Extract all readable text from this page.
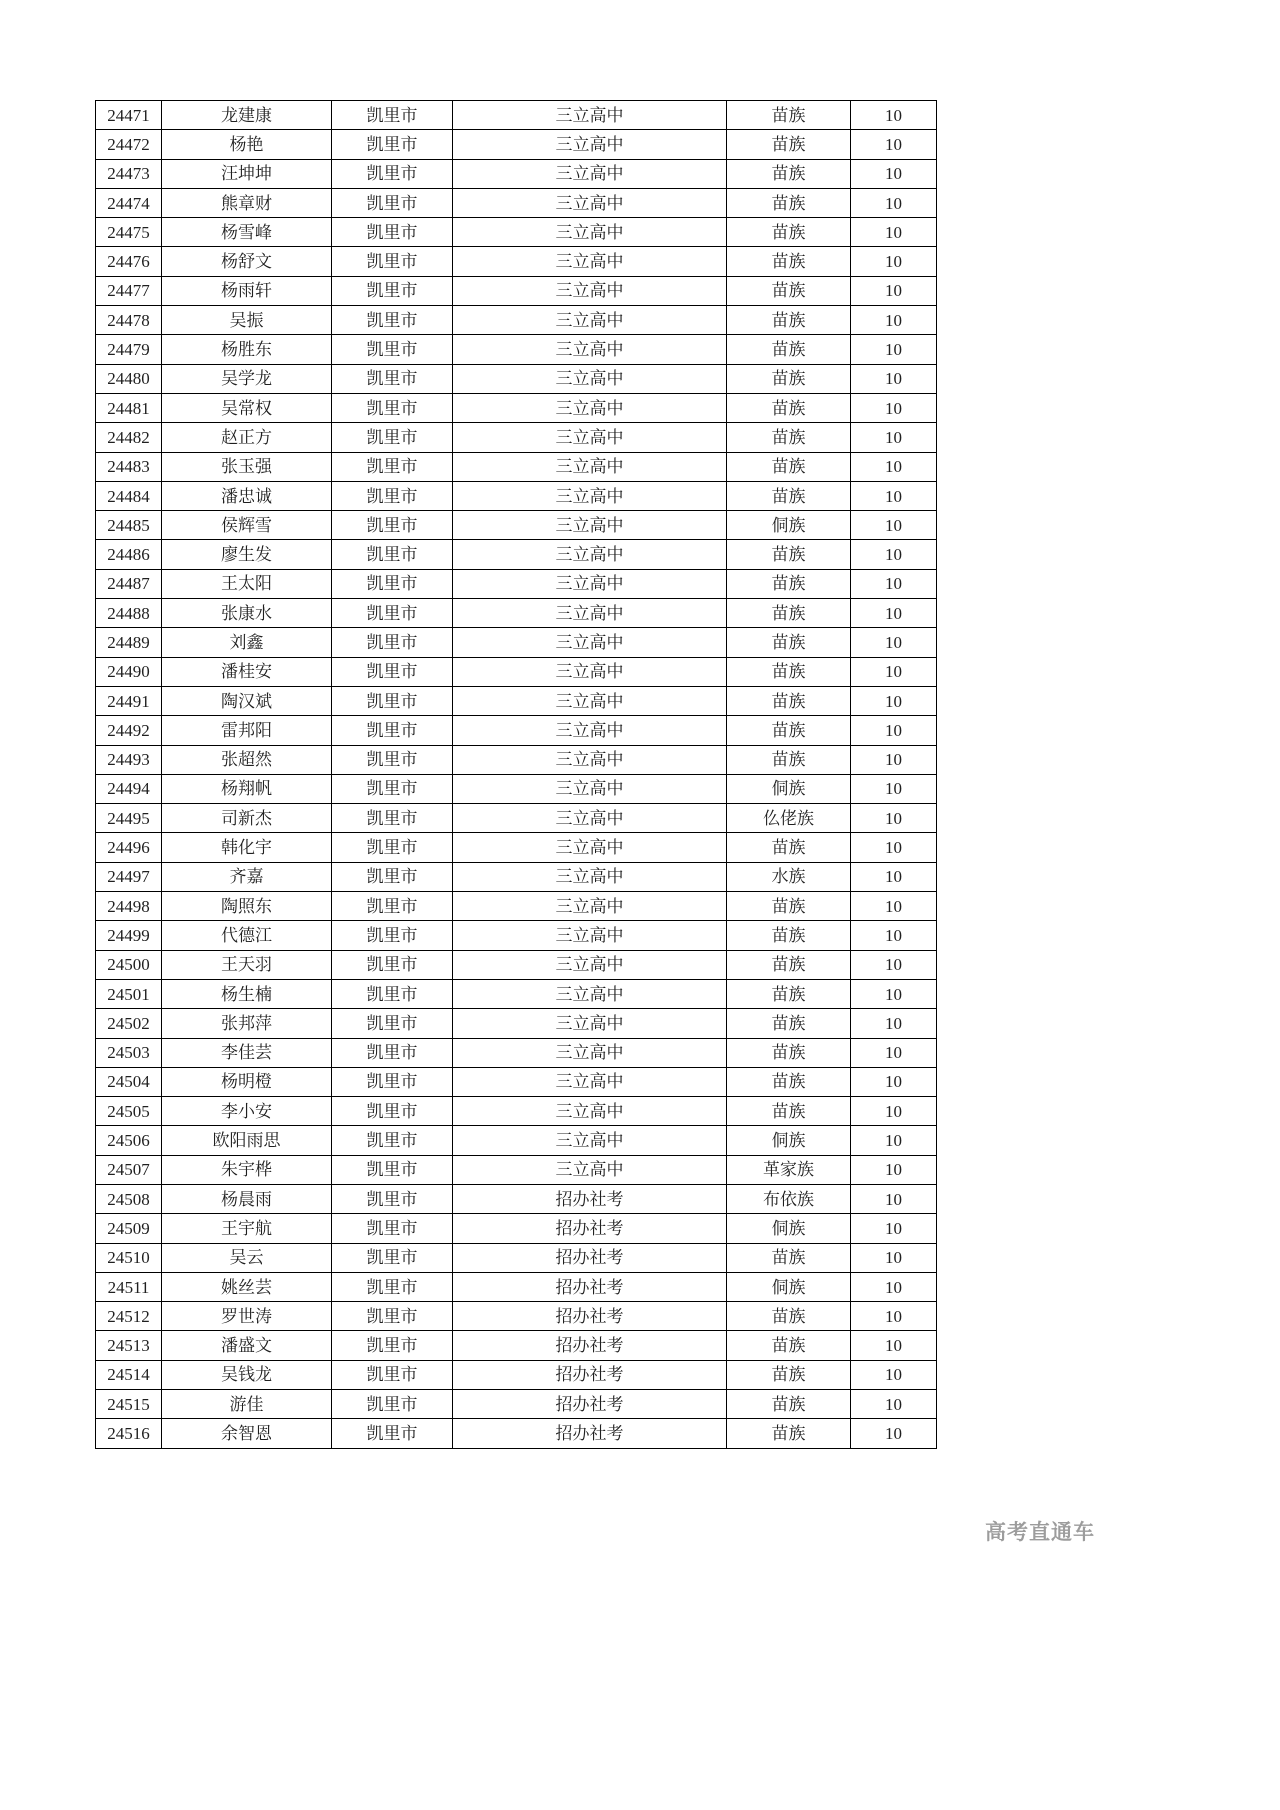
24471	龙建康	凯里市	三立高中	苗族	10
24472	杨艳	凯里市	三立高中	苗族	10
24473	汪坤坤	凯里市	三立高中	苗族	10
24474	熊章财	凯里市	三立高中	苗族	10
24475	杨雪峰	凯里市	三立高中	苗族	10
24476	杨舒文	凯里市	三立高中	苗族	10
24477	杨雨轩	凯里市	三立高中	苗族	10
24478	吴振	凯里市	三立高中	苗族	10
24479	杨胜东	凯里市	三立高中	苗族	10
24480	吴学龙	凯里市	三立高中	苗族	10
24481	吴常权	凯里市	三立高中	苗族	10
24482	赵正方	凯里市	三立高中	苗族	10
24483	张玉强	凯里市	三立高中	苗族	10
24484	潘忠诚	凯里市	三立高中	苗族	10
24485	侯辉雪	凯里市	三立高中	侗族	10
24486	廖生发	凯里市	三立高中	苗族	10
24487	王太阳	凯里市	三立高中	苗族	10
24488	张康水	凯里市	三立高中	苗族	10
24489	刘鑫	凯里市	三立高中	苗族	10
24490	潘桂安	凯里市	三立高中	苗族	10
24491	陶汉斌	凯里市	三立高中	苗族	10
24492	雷邦阳	凯里市	三立高中	苗族	10
24493	张超然	凯里市	三立高中	苗族	10
24494	杨翔帆	凯里市	三立高中	侗族	10
24495	司新杰	凯里市	三立高中	仫佬族	10
24496	韩化宇	凯里市	三立高中	苗族	10
24497	齐嘉	凯里市	三立高中	水族	10
24498	陶照东	凯里市	三立高中	苗族	10
24499	代德江	凯里市	三立高中	苗族	10
24500	王天羽	凯里市	三立高中	苗族	10
24501	杨生楠	凯里市	三立高中	苗族	10
24502	张邦萍	凯里市	三立高中	苗族	10
24503	李佳芸	凯里市	三立高中	苗族	10
24504	杨明橙	凯里市	三立高中	苗族	10
24505	李小安	凯里市	三立高中	苗族	10
24506	欧阳雨思	凯里市	三立高中	侗族	10
24507	朱宇桦	凯里市	三立高中	革家族	10
24508	杨晨雨	凯里市	招办社考	布依族	10
24509	王宇航	凯里市	招办社考	侗族	10
24510	吴云	凯里市	招办社考	苗族	10
24511	姚丝芸	凯里市	招办社考	侗族	10
24512	罗世涛	凯里市	招办社考	苗族	10
24513	潘盛文	凯里市	招办社考	苗族	10
24514	吴钱龙	凯里市	招办社考	苗族	10
24515	游佳	凯里市	招办社考	苗族	10
24516	余智恩	凯里市	招办社考	苗族	10
高考直通车
